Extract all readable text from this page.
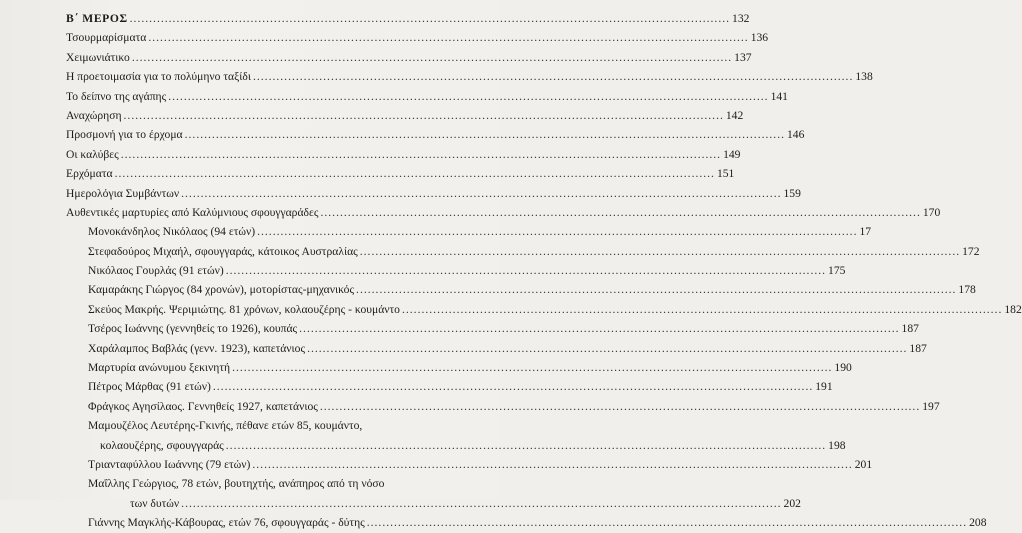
Β΄ ΜΕΡΟΣ .....	132
Τσουρμαρίσματα .....	136
Χειμωνιάτικο .....	137
Η προετοιμασία για το πολύμηνο ταξίδι .....	138
Το δείπνο της αγάπης .....	141
Αναχώρηση .....	142
Προσμονή για το έρχομα .....	146
Οι καλύβες .....	149
Ερχόματα .....	151
Ημερολόγια Συμβάντων .....	159
Αυθεντικές μαρτυρίες από Καλύμνιους σφουγγαράδες .....	170
Μονοκάνδηλος Νικόλαος (94 ετών) .....	17
Στεφαδούρος Μιχαήλ, σφουγγαράς, κάτοικος Αυστραλίας .....	172
Νικόλαος Γουρλάς (91 ετών) .....	175
Καμαράκης Γιώργος (84 χρονών), μοτορίστας-μηχανικός .....	178
Σκεύος Μακρής. Ψεριμιώτης. 81 χρόνων, κολαουζέρης - κουμάντο .....	182
Τσέρος Ιωάννης (γεννηθείς το 1926), κουπάς .....	187
Χαράλαμπος Βαβλάς (γενν. 1923), καπετάνιος .....	187
Μαρτυρία ανώνυμου ξεκινητή .....	190
Πέτρος Μάρθας (91 ετών) .....	191
Φράγκος Αγησίλαος. Γεννηθείς 1927, καπετάνιος .....	197
Μαμουζέλος Λευτέρης-Γκινής, πέθανε ετών 85, κουμάντο,
κολαουζέρης, σφουγγαράς .....	198
Τριανταφύλλου Ιωάννης (79 ετών) .....	201
Μαΐλλης Γεώργιος, 78 ετών, βουτηχτής, ανάπηρος από τη νόσο
των δυτών .....	202
Γιάννης Μαγκλής-Κάβουρας, ετών 76, σφουγγαράς - δύτης .....	208
